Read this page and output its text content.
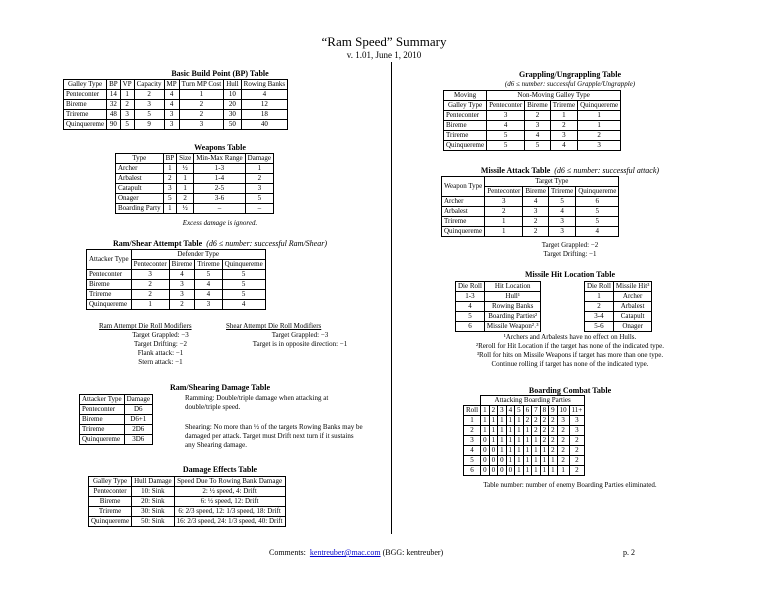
“Ram Speed” Summary
v. 1.01, June 1, 2010
Basic Build Point (BP) Table
Galley Type	BP	VP	Capacity	MP	Turn MP Cost	Hull	Rowing Banks
Penteconter	14	1	2	4	1	10	4
Bireme	32	2	3	4	2	20	12
Trireme	48	3	5	3	2	30	18
Quinquereme	90	5	9	3	3	50	40
Weapons Table
Type	BP	Size	Min-Max Range	Damage
Archer	1	½	1-3	1
Arbalest	2	1	1-4	2
Catapult	3	1	2-5	3
Onager	5	2	3-6	5
Boarding Party	1	½	–	–
Excess damage is ignored.
Ram/Shear Attempt Table (d6 ≤ number: successful Ram/Shear)
Attacker Type	Defender Type			
	Penteconter	Bireme	Trireme	Quinquereme
Penteconter	3	4	5	5
Bireme	2	3	4	5
Trireme	2	3	4	5
Quinquereme	1	2	3	4
Ram Attempt Die Roll Modifiers
Target Grappled: −3
Target Drifting: −2
Flank attack: −1
Stern attack: −1
Shear Attempt Die Roll Modifiers
Target Grappled: −3
Target is in opposite direction: −1
Ram/Shearing Damage Table
Attacker Type	Damage
Penteconter	D6
Bireme	D6+1
Trireme	2D6
Quinquereme	3D6
Ramming: Double/triple damage when attacking at double/triple speed.
Shearing: No more than ½ of the targets Rowing Banks may be damaged per attack. Target must Drift next turn if it sustains any Shearing damage.
Damage Effects Table
Galley Type	Hull Damage	Speed Due To Rowing Bank Damage
Penteconter	10: Sink	2: ½ speed, 4: Drift
Bireme	20: Sink	6: ½ speed, 12: Drift
Trireme	30: Sink	6: 2/3 speed, 12: 1/3 speed, 18: Drift
Quinquereme	50: Sink	16: 2/3 speed, 24: 1/3 speed, 40: Drift
Grappling/Ungrappling Table
(d6 ≤ number: successful Grapple/Ungrapple)
Moving	Non-Moving Galley Type			
Galley Type	Penteconter	Bireme	Trireme	Quinquereme
Penteconter	3	2	1	1
Bireme	4	3	2	1
Trireme	5	4	3	2
Quinquereme	5	5	4	3
Missile Attack Table (d6 ≤ number: successful attack)
Weapon Type	Target Type			
	Penteconter	Bireme	Trireme	Quinquereme
Archer	3	4	5	6
Arbalest	2	3	4	5
Trireme	1	2	3	5
Quinquereme	1	2	3	4
Target Grappled: −2
Target Drifting: −1
Missile Hit Location Table
Die Roll	Hit Location
1-3	Hull¹
4	Rowing Banks
5	Boarding Parties²
6	Missile Weapon²˒³
Die Roll	Missile Hit³
1	Archer
2	Arbalest
3-4	Catapult
5-6	Onager
¹Archers and Arbalests have no effect on Hulls.
²Reroll for Hit Location if the target has none of the indicated type.
³Roll for hits on Missile Weapons if target has more than one type.
Continue rolling if target has none of the indicated type.
Boarding Combat Table
	Attacking Boarding Parties										
Roll	1	2	3	4	5	6	7	8	9	10	11+
1	1	1	1	1	1	2	2	2	2	3	3
2	1	1	1	1	1	1	2	2	2	2	3
3	0	1	1	1	1	1	1	2	2	2	2
4	0	0	1	1	1	1	1	1	2	2	2
5	0	0	0	1	1	1	1	1	1	2	2
6	0	0	0	0	1	1	1	1	1	1	2
Table number: number of enemy Boarding Parties eliminated.
Comments: kentreuber@mac.com (BGG: kentreuber)	p. 2
